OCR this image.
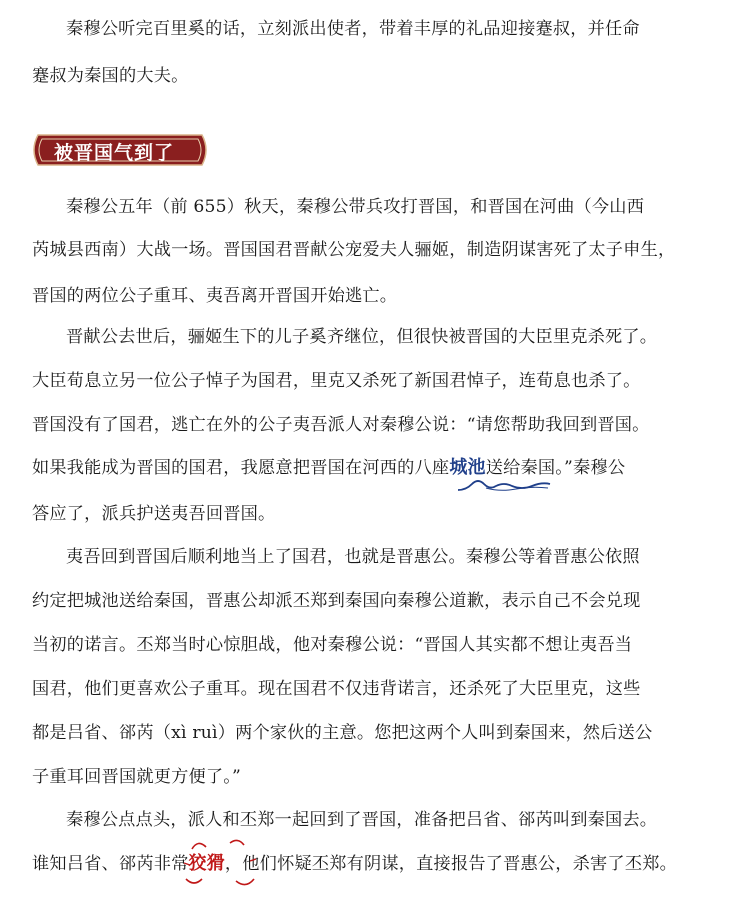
秦穆公听完百里奚的话，立刻派出使者，带着丰厚的礼品迎接蹇叔，并任命
蹇叔为秦国的大夫。
被晋国气到了
秦穆公五年（前 655）秋天，秦穆公带兵攻打晋国，和晋国在河曲（今山西
芮城县西南）大战一场。晋国国君晋献公宠爱夫人骊姬，制造阴谋害死了太子申生，
晋国的两位公子重耳、夷吾离开晋国开始逃亡。
晋献公去世后，骊姬生下的儿子奚齐继位，但很快被晋国的大臣里克杀死了。
大臣荀息立另一位公子悼子为国君，里克又杀死了新国君悼子，连荀息也杀了。
晋国没有了国君，逃亡在外的公子夷吾派人对秦穆公说：“请您帮助我回到晋国。
如果我能成为晋国的国君，我愿意把晋国在河西的八座城池送给秦国。”秦穆公
答应了，派兵护送夷吾回晋国。
夷吾回到晋国后顺利地当上了国君，也就是晋惠公。秦穆公等着晋惠公依照
约定把城池送给秦国，晋惠公却派丕郑到秦国向秦穆公道歉，表示自己不会兑现
当初的诺言。丕郑当时心惊胆战，他对秦穆公说：“晋国人其实都不想让夷吾当
国君，他们更喜欢公子重耳。现在国君不仅违背诺言，还杀死了大臣里克，这些
都是吕省、郤芮（xì ruì）两个家伙的主意。您把这两个人叫到秦国来，然后送公
子重耳回晋国就更方便了。”
秦穆公点点头，派人和丕郑一起回到了晋国，准备把吕省、郤芮叫到秦国去。
谁知吕省、郤芮非常狡猾，他们怀疑丕郑有阴谋，直接报告了晋惠公，杀害了丕郑。
